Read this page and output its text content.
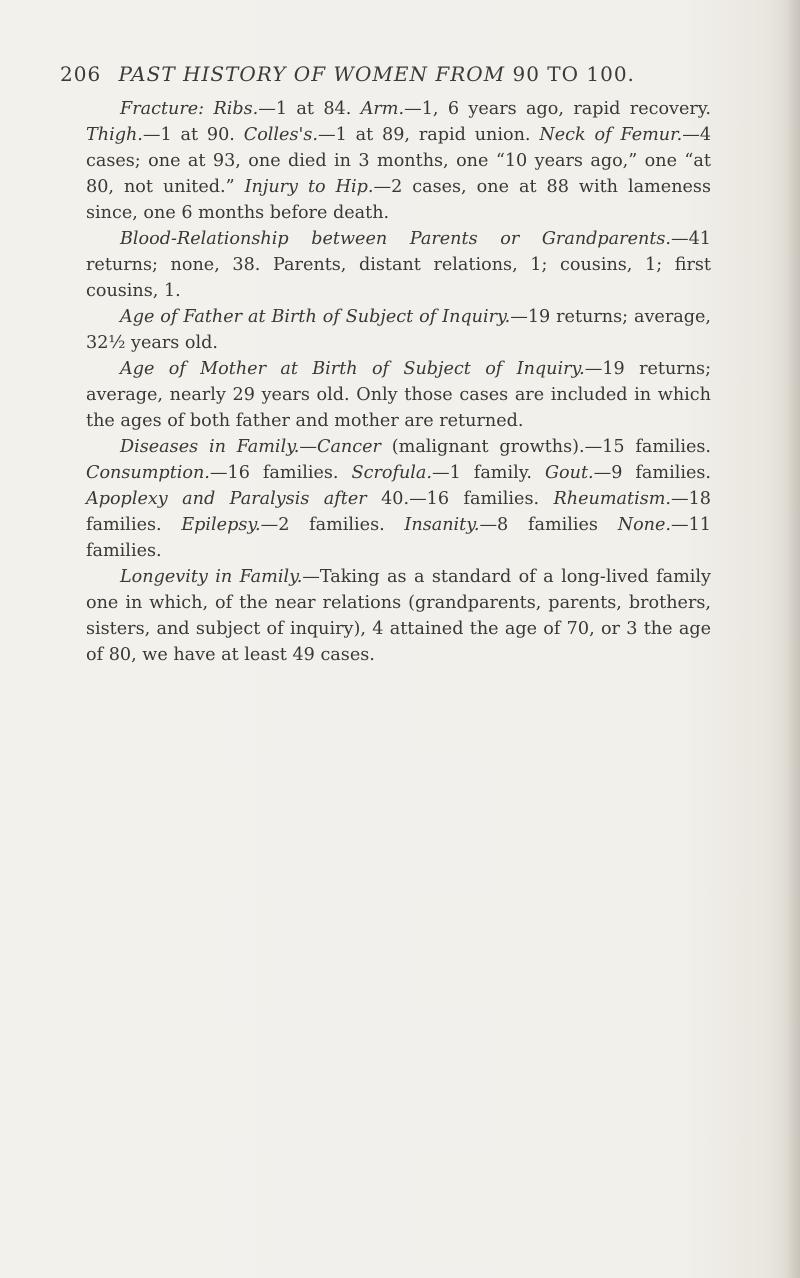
206 PAST HISTORY OF WOMEN FROM 90 TO 100.

Fracture: Ribs.—1 at 84. Arm.—1, 6 years ago, rapid recovery. Thigh.—1 at 90. Colles's.—1 at 89, rapid union. Neck of Femur.—4 cases; one at 93, one died in 3 months, one “10 years ago,” one “at 80, not united.” Injury to Hip.—2 cases, one at 88 with lameness since, one 6 months before death.

Blood-Relationship between Parents or Grandparents.—41 returns; none, 38. Parents, distant relations, 1; cousins, 1; first cousins, 1.

Age of Father at Birth of Subject of Inquiry.—19 returns; average, 32½ years old.

Age of Mother at Birth of Subject of Inquiry.—19 returns; average, nearly 29 years old. Only those cases are included in which the ages of both father and mother are returned.

Diseases in Family.—Cancer (malignant growths).—15 families. Consumption.—16 families. Scrofula.—1 family. Gout.—9 families. Apoplexy and Paralysis after 40.—16 families. Rheumatism.—18 families. Epilepsy.—2 families. Insanity.—8 families None.—11 families.

Longevity in Family.—Taking as a standard of a long-lived family one in which, of the near relations (grandparents, parents, brothers, sisters, and subject of inquiry), 4 attained the age of 70, or 3 the age of 80, we have at least 49 cases.
